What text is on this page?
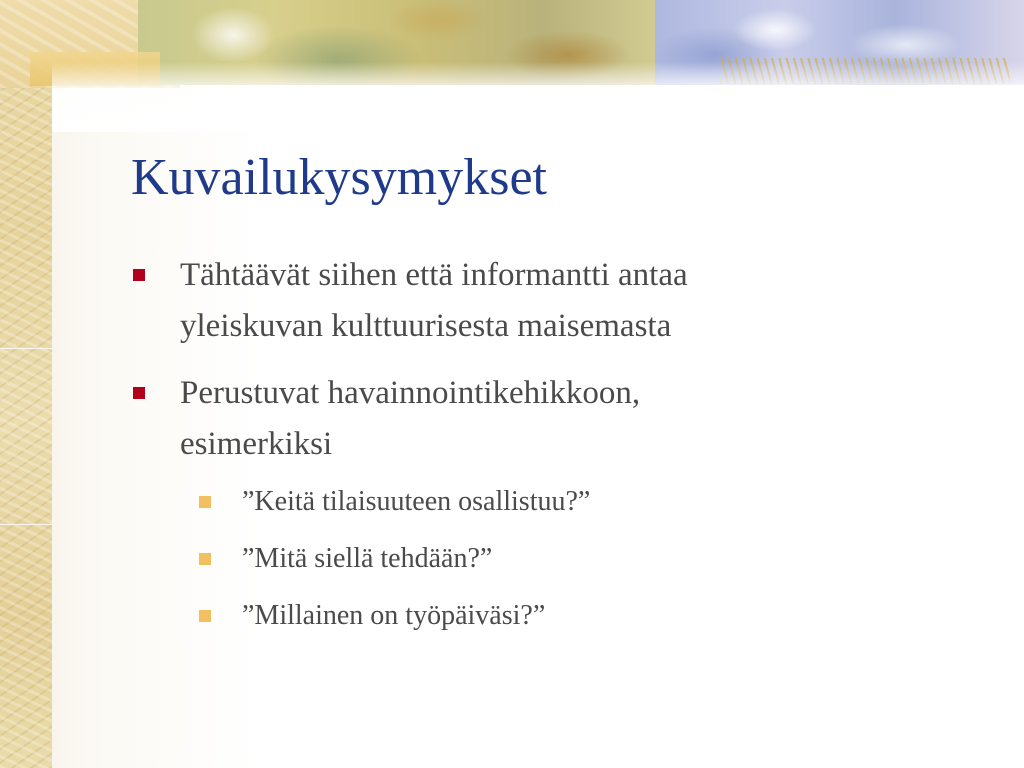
Kuvailukysymykset
Tähtäävät siihen että informantti antaa
yleiskuvan kulttuurisesta maisemasta
Perustuvat havainnointikehikkoon,
esimerkiksi
”Keitä tilaisuuteen osallistuu?”
”Mitä siellä tehdään?”
”Millainen on työpäiväsi?”
